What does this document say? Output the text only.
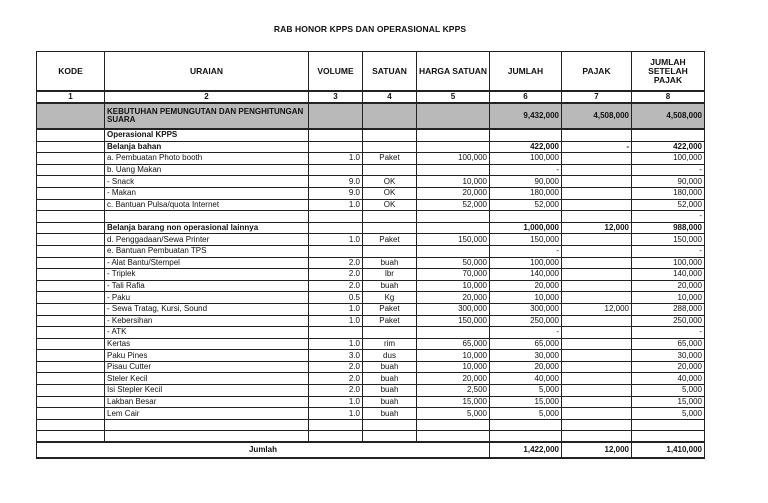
RAB HONOR KPPS DAN OPERASIONAL KPPS
KODE	URAIAN	VOLUME	SATUAN	HARGA SATUAN	JUMLAH	PAJAK	JUMLAH SETELAH PAJAK
1	2	3	4	5	6	7	8
	KEBUTUHAN PEMUNGUTAN DAN PENGHITUNGAN SUARA				9,432,000	4,508,000	4,508,000
	Operasional KPPS						
	Belanja bahan				422,000	-	422,000
	a. Pembuatan Photo booth	1.0	Paket	100,000	100,000		100,000
	b. Uang Makan				-		-
	- Snack	9.0	OK	10,000	90,000		90,000
	- Makan	9.0	OK	20,000	180,000		180,000
	c. Bantuan Pulsa/quota Internet	1.0	OK	52,000	52,000		52,000
							-
	Belanja barang non operasional lainnya				1,000,000	12,000	988,000
	d. Penggadaan/Sewa Printer	1.0	Paket	150,000	150,000		150,000
	e. Bantuan Pembuatan TPS				-		-
	- Alat Bantu/Stempel	2.0	buah	50,000	100,000		100,000
	- Triplek	2.0	lbr	70,000	140,000		140,000
	- Tali Rafia	2.0	buah	10,000	20,000		20,000
	- Paku	0.5	Kg	20,000	10,000		10,000
	- Sewa Tratag, Kursi, Sound	1.0	Paket	300,000	300,000	12,000	288,000
	- Kebersihan	1.0	Paket	150,000	250,000		250,000
	- ATK				-		-
	Kertas	1.0	rim	65,000	65,000		65,000
	Paku Pines	3.0	dus	10,000	30,000		30,000
	Pisau Cutter	2.0	buah	10,000	20,000		20,000
	Steler Kecil	2.0	buah	20,000	40,000		40,000
	Isi Stepler Kecil	2.0	buah	2,500	5,000		5,000
	Lakban Besar	1.0	buah	15,000	15,000		15,000
	Lem Cair	1.0	buah	5,000	5,000		5,000

Jumlah					1,422,000	12,000	1,410,000
